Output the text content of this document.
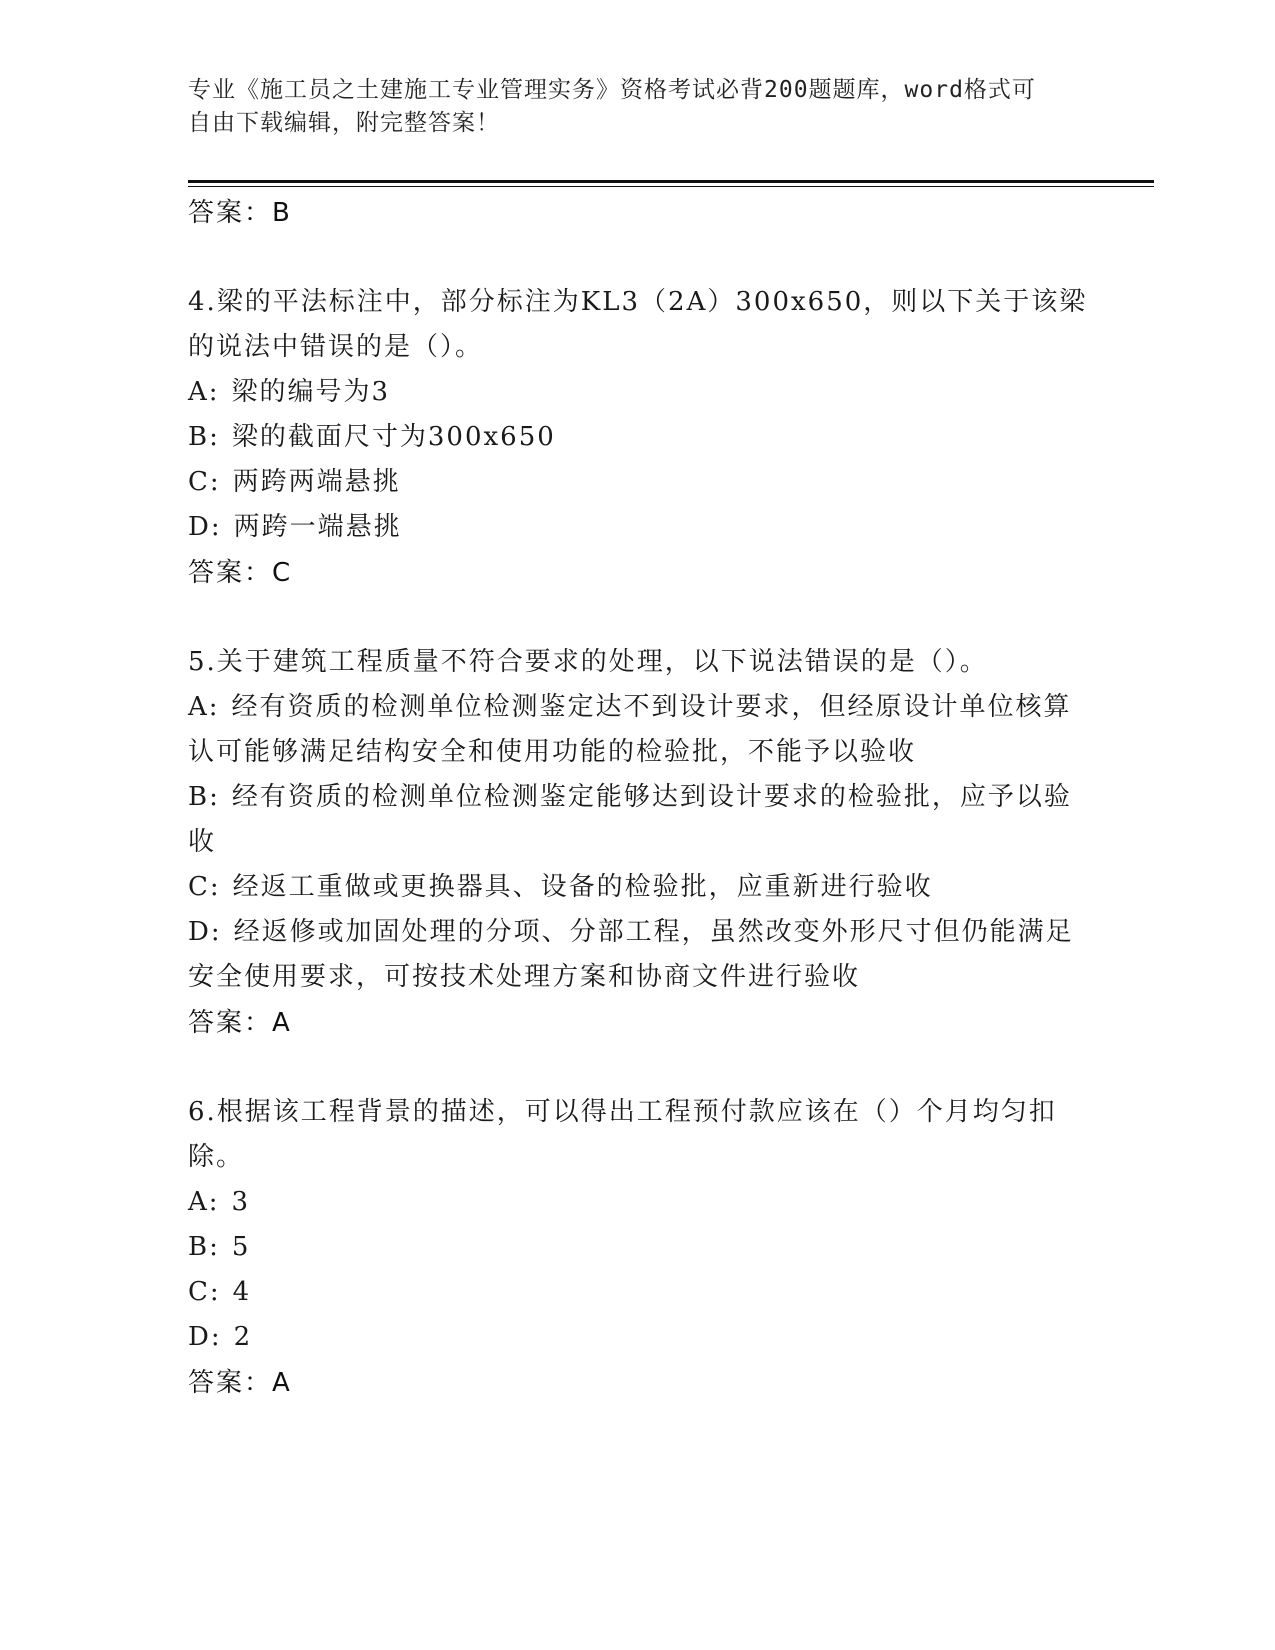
专业《施工员之土建施工专业管理实务》资格考试必背200题题库，word格式可
自由下载编辑，附完整答案！
答案：B
4.梁的平法标注中，部分标注为KL3（2A）300x650，则以下关于该梁的说法中错误的是（）。
A: 梁的编号为3
B: 梁的截面尺寸为300x650
C: 两跨两端悬挑
D: 两跨一端悬挑
答案：C
5.关于建筑工程质量不符合要求的处理，以下说法错误的是（）。
A: 经有资质的检测单位检测鉴定达不到设计要求，但经原设计单位核算认可能够满足结构安全和使用功能的检验批，不能予以验收
B: 经有资质的检测单位检测鉴定能够达到设计要求的检验批，应予以验收
C: 经返工重做或更换器具、设备的检验批，应重新进行验收
D: 经返修或加固处理的分项、分部工程，虽然改变外形尺寸但仍能满足安全使用要求，可按技术处理方案和协商文件进行验收
答案：A
6.根据该工程背景的描述，可以得出工程预付款应该在（）个月均匀扣除。
A: 3
B: 5
C: 4
D: 2
答案：A
